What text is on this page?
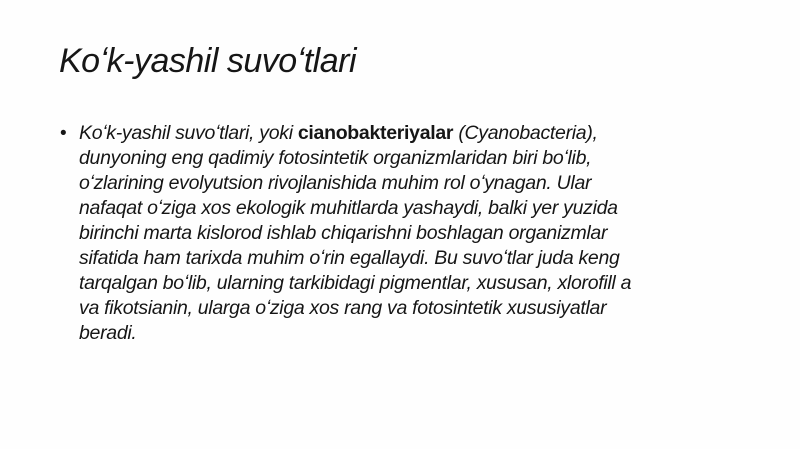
Koʻk-yashil suvoʻtlari
• Koʻk-yashil suvoʻtlari, yoki cianobakteriyalar (Cyanobacteria),

dunyoning eng qadimiy fotosintetik organizmlaridan biri boʻlib,

oʻzlarining evolyutsion rivojlanishida muhim rol oʻynagan. Ular

nafaqat oʻziga xos ekologik muhitlarda yashaydi, balki yer yuzida

birinchi marta kislorod ishlab chiqarishni boshlagan organizmlar

sifatida ham tarixda muhim oʻrin egallaydi. Bu suvoʻtlar juda keng

tarqalgan boʻlib, ularning tarkibidagi pigmentlar, xususan, xlorofill a

va fikotsianin, ularga oʻziga xos rang va fotosintetik xususiyatlar

beradi.
